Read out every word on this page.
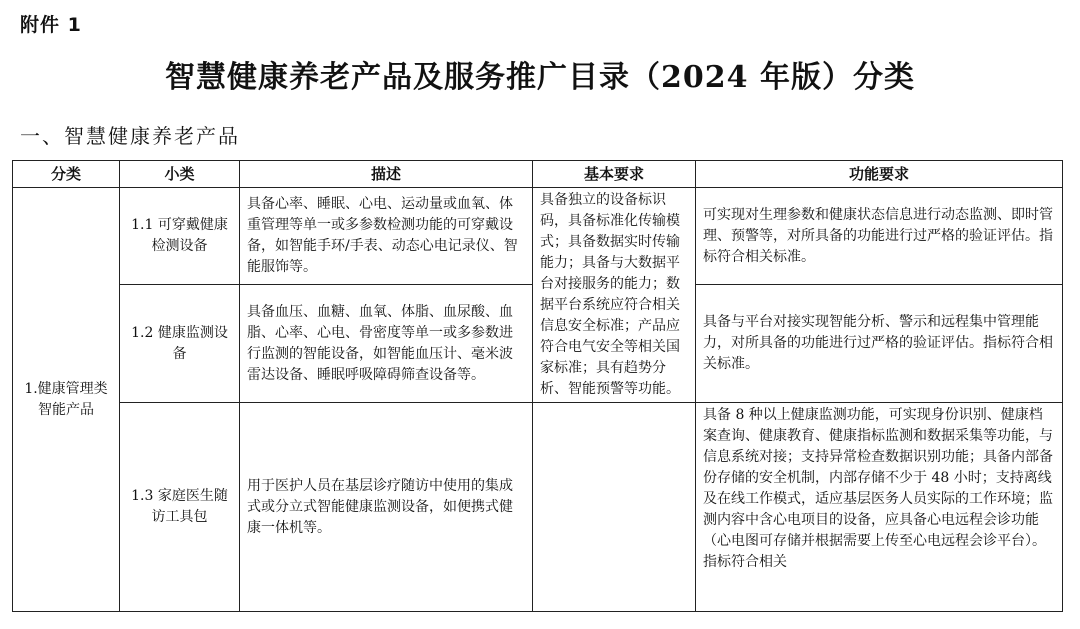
附件 1
智慧健康养老产品及服务推广目录（2024 年版）分类
一、智慧健康养老产品
分类	小类	描述	基本要求	功能要求
1.健康管理类智能产品	1.1 可穿戴健康检测设备	具备心率、睡眠、心电、运动量或血氧、体重管理等单一或多参数检测功能的可穿戴设备，如智能手环/手表、动态心电记录仪、智能服饰等。	具备独立的设备标识码，具备标准化传输模式；具备数据实时传输能力；具备与大数据平台对接服务的能力；数据平台系统应符合相关信息安全标准；产品应符合电气安全等相关国家标准；具有趋势分析、智能预警等功能。	可实现对生理参数和健康状态信息进行动态监测、即时管理、预警等，对所具备的功能进行过严格的验证评估。指标符合相关标准。
	1.2 健康监测设备	具备血压、血糖、血氧、体脂、血尿酸、血脂、心率、心电、骨密度等单一或多参数进行监测的智能设备，如智能血压计、毫米波雷达设备、睡眠呼吸障碍筛查设备等。		具备与平台对接实现智能分析、警示和远程集中管理能力，对所具备的功能进行过严格的验证评估。指标符合相关标准。
	1.3 家庭医生随访工具包	用于医护人员在基层诊疗随访中使用的集成式或分立式智能健康监测设备，如便携式健康一体机等。		具备 8 种以上健康监测功能，可实现身份识别、健康档案查询、健康教育、健康指标监测和数据采集等功能，与信息系统对接；支持异常检查数据识别功能；具备内部备份存储的安全机制，内部存储不少于 48 小时；支持离线及在线工作模式，适应基层医务人员实际的工作环境；监测内容中含心电项目的设备，应具备心电远程会诊功能（心电图可存储并根据需要上传至心电远程会诊平台）。指标符合相关
